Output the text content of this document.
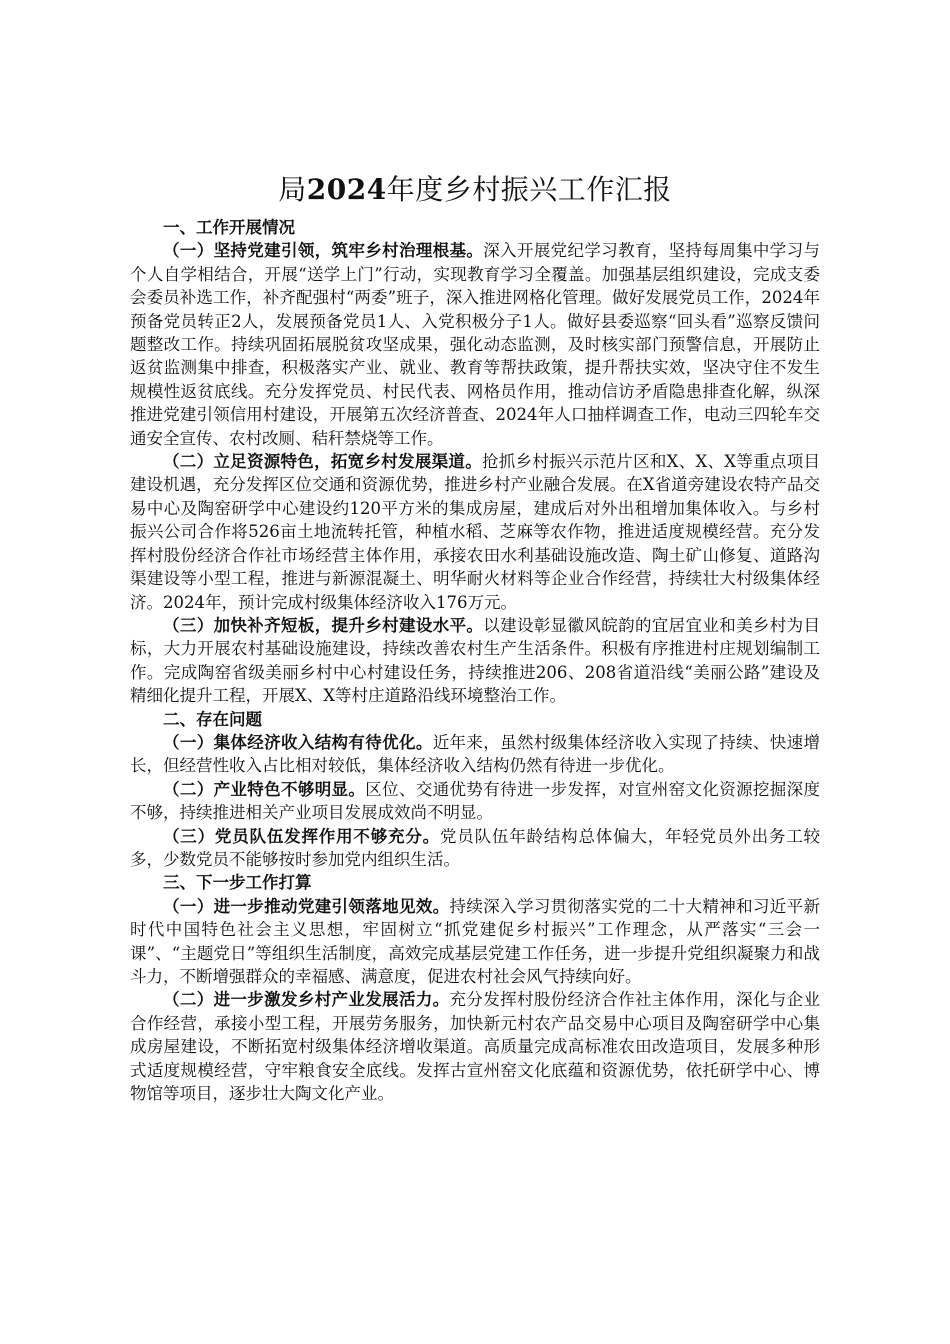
局2024年度乡村振兴工作汇报

一、工作开展情况

（一）坚持党建引领，筑牢乡村治理根基。深入开展党纪学习教育，坚持每周集中学习与个人自学相结合，开展“送学上门”行动，实现教育学习全覆盖。加强基层组织建设，完成支委会委员补选工作，补齐配强村“两委”班子，深入推进网格化管理。做好发展党员工作，2024年预备党员转正2人，发展预备党员1人、入党积极分子1人。做好县委巡察“回头看”巡察反馈问题整改工作。持续巩固拓展脱贫攻坚成果，强化动态监测，及时核实部门预警信息，开展防止返贫监测集中排查，积极落实产业、就业、教育等帮扶政策，提升帮扶实效，坚决守住不发生规模性返贫底线。充分发挥党员、村民代表、网格员作用，推动信访矛盾隐患排查化解，纵深推进党建引领信用村建设，开展第五次经济普查、2024年人口抽样调查工作，电动三四轮车交通安全宣传、农村改厕、秸秆禁烧等工作。

（二）立足资源特色，拓宽乡村发展渠道。抢抓乡村振兴示范片区和X、X、X等重点项目建设机遇，充分发挥区位交通和资源优势，推进乡村产业融合发展。在X省道旁建设农特产品交易中心及陶窑研学中心建设约120平方米的集成房屋，建成后对外出租增加集体收入。与乡村振兴公司合作将526亩土地流转托管，种植水稻、芝麻等农作物，推进适度规模经营。充分发挥村股份经济合作社市场经营主体作用，承接农田水利基础设施改造、陶土矿山修复、道路沟渠建设等小型工程，推进与新源混凝土、明华耐火材料等企业合作经营，持续壮大村级集体经济。2024年，预计完成村级集体经济收入176万元。

（三）加快补齐短板，提升乡村建设水平。以建设彰显徽风皖韵的宜居宜业和美乡村为目标，大力开展农村基础设施建设，持续改善农村生产生活条件。积极有序推进村庄规划编制工作。完成陶窑省级美丽乡村中心村建设任务，持续推进206、208省道沿线“美丽公路”建设及精细化提升工程，开展X、X等村庄道路沿线环境整治工作。

二、存在问题

（一）集体经济收入结构有待优化。近年来，虽然村级集体经济收入实现了持续、快速增长，但经营性收入占比相对较低，集体经济收入结构仍然有待进一步优化。

（二）产业特色不够明显。区位、交通优势有待进一步发挥，对宣州窑文化资源挖掘深度不够，持续推进相关产业项目发展成效尚不明显。

（三）党员队伍发挥作用不够充分。党员队伍年龄结构总体偏大，年轻党员外出务工较多，少数党员不能够按时参加党内组织生活。

三、下一步工作打算

（一）进一步推动党建引领落地见效。持续深入学习贯彻落实党的二十大精神和习近平新时代中国特色社会主义思想，牢固树立“抓党建促乡村振兴”工作理念，从严落实“三会一课”、“主题党日”等组织生活制度，高效完成基层党建工作任务，进一步提升党组织凝聚力和战斗力，不断增强群众的幸福感、满意度，促进农村社会风气持续向好。

（二）进一步激发乡村产业发展活力。充分发挥村股份经济合作社主体作用，深化与企业合作经营，承接小型工程，开展劳务服务，加快新元村农产品交易中心项目及陶窑研学中心集成房屋建设，不断拓宽村级集体经济增收渠道。高质量完成高标准农田改造项目，发展多种形式适度规模经营，守牢粮食安全底线。发挥古宣州窑文化底蕴和资源优势，依托研学中心、博物馆等项目，逐步壮大陶文化产业。
